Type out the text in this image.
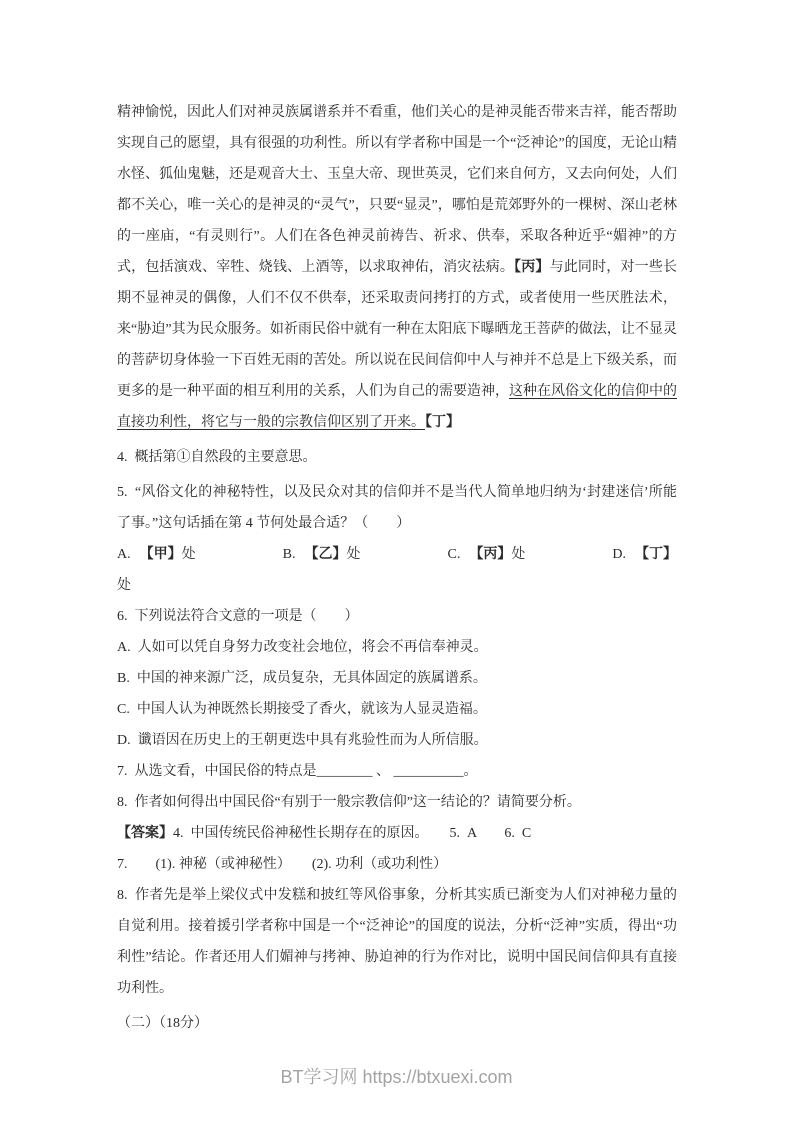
精神愉悦，因此人们对神灵族属谱系并不看重，他们关心的是神灵能否带来吉祥，能否帮助实现自己的愿望，具有很强的功利性。所以有学者称中国是一个“泛神论”的国度，无论山精水怪、狐仙鬼魅，还是观音大士、玉皇大帝、现世英灵，它们来自何方，又去向何处，人们都不关心，唯一关心的是神灵的“灵气”，只要“显灵”，哪怕是荒郊野外的一棵树、深山老林的一座庙，“有灵则行”。人们在各色神灵前祷告、祈求、供奉，采取各种近乎“媚神”的方式，包括演戏、宰牲、烧钱、上酒等，以求取神佑，消灾祛病。【丙】与此同时，对一些长期不显神灵的偶像，人们不仅不供奉，还采取责问拷打的方式，或者使用一些厌胜法术，来“胁迫”其为民众服务。如祈雨民俗中就有一种在太阳底下曝晒龙王菩萨的做法，让不显灵的菩萨切身体验一下百姓无雨的苦处。所以说在民间信仰中人与神并不总是上下级关系，而更多的是一种平面的相互利用的关系，人们为自己的需要造神，这种在风俗文化的信仰中的直接功利性，将它与一般的宗教信仰区别了开来。【丁】

4.  概括第①自然段的主要意思。

5.  “风俗文化的神秘特性，以及民众对其的信仰并不是当代人简单地归纳为‘封建迷信’所能了事。”这句话插在第 4 节何处最合适？（　　）

A. 【甲】处	B. 【乙】处	C. 【丙】处	D. 【丁】

处

6.  下列说法符合文意的一项是（　　）

A.  人如可以凭自身努力改变社会地位，将会不再信奉神灵。

B.  中国的神来源广泛，成员复杂，无具体固定的族属谱系。

C.  中国人认为神既然长期接受了香火，就该为人显灵造福。

D.  谶语因在历史上的王朝更迭中具有兆验性而为人所信服。

7.  从选文看，中国民俗的特点是________ 、 __________。

8.  作者如何得出中国民俗“有别于一般宗教信仰”这一结论的？请简要分析。

【答案】4.  中国传统民俗神秘性长期存在的原因。　　5.  A　　6.  C

7.        (1). 神秘（或神秘性）　　(2). 功利（或功利性）

8.  作者先是举上梁仪式中发糕和披红等风俗事象，分析其实质已渐变为人们对神秘力量的自觉利用。接着援引学者称中国是一个“泛神论”的国度的说法，分析“泛神”实质，得出“功利性”结论。作者还用人们媚神与拷神、胁迫神的行为作对比，说明中国民间信仰具有直接功利性。

（二）（18分）

BT学习网 https://btxuexi.com
